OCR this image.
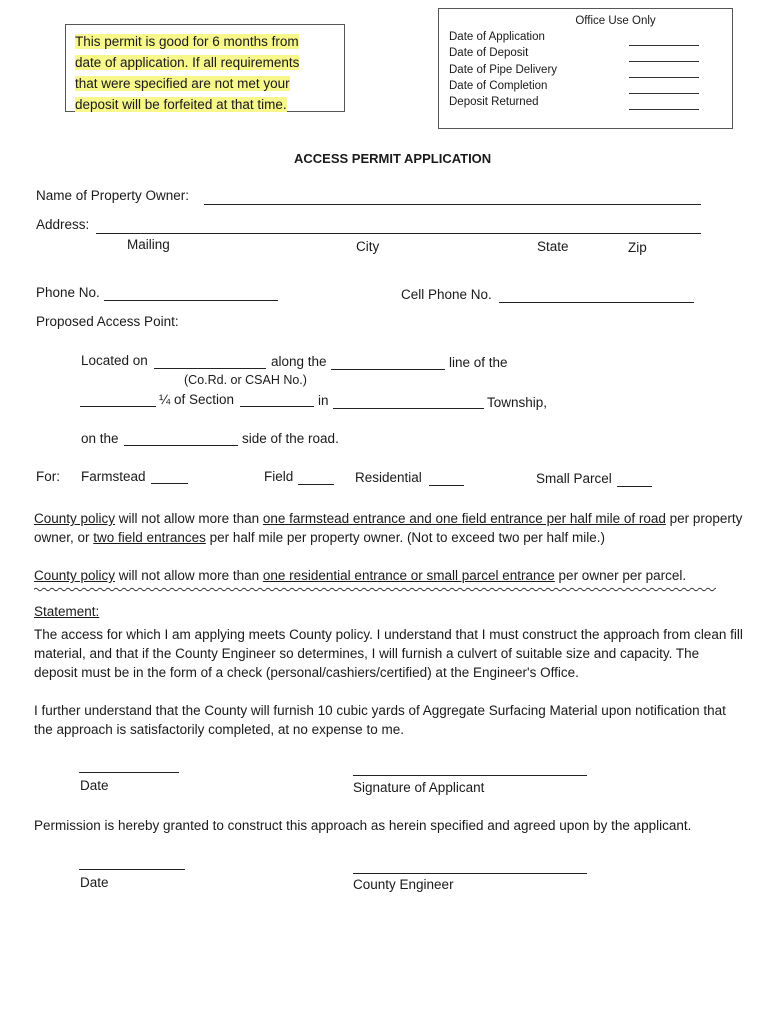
This permit is good for 6 months from
date of application. If all requirements
that were specified are not met your
deposit will be forfeited at that time.
Office Use Only
Date of Application
Date of Deposit
Date of Pipe Delivery
Date of Completion
Deposit Returned
ACCESS PERMIT APPLICATION
Name of Property Owner:
Address:
Mailing	City	State	Zip
Phone No.	Cell Phone No.
Proposed Access Point:
Located on	along the	line of the
(Co.Rd. or CSAH No.)
¼ of Section	in	Township,
on the	side of the road.
For: Farmstead	Field	Residential	Small Parcel
County policy will not allow more than one farmstead entrance and one field entrance per half mile of road per property owner, or two field entrances per half mile per property owner. (Not to exceed two per half mile.)
County policy will not allow more than one residential entrance or small parcel entrance per owner per parcel.
Statement:
The access for which I am applying meets County policy. I understand that I must construct the approach from clean fill material, and that if the County Engineer so determines, I will furnish a culvert of suitable size and capacity. The deposit must be in the form of a check (personal/cashiers/certified) at the Engineer's Office.
I further understand that the County will furnish 10 cubic yards of Aggregate Surfacing Material upon notification that the approach is satisfactorily completed, at no expense to me.
Date	Signature of Applicant
Permission is hereby granted to construct this approach as herein specified and agreed upon by the applicant.
Date	County Engineer
